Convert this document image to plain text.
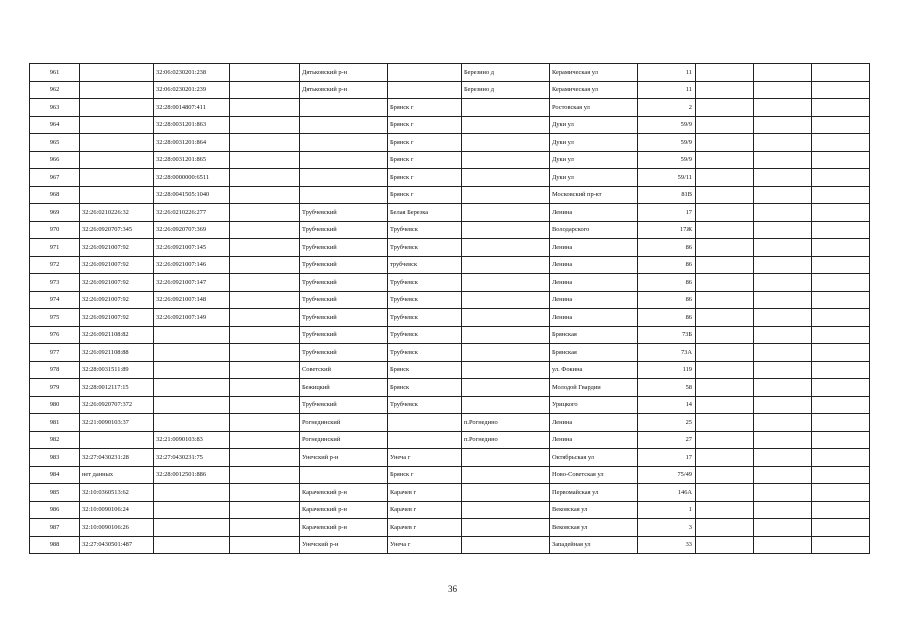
961		32:06:0230201:238		Дятьковский р-н		Березино д	Керамическая ул	11			
962		32:06:0230201:239		Дятьковский р-н		Березино д	Керамическая ул	11			
963		32:28:0014807:411			Брянск г		Ростовская ул	2			
964		32:28:0031201:863			Брянск г		Дуки ул	59/9			
965		32:28:0031201:864			Брянск г		Дуки ул	59/9			
966		32:28:0031201:865			Брянск г		Дуки ул	59/9			
967		32:28:0000000:6511			Брянск г		Дуки ул	59/11			
968		32:28:0041505:1040			Брянск г		Московский пр-кт	81В			
969	32:26:0210226:32	32:26:0210226:277		Трубчевский	Белая Березка		Ленина	17			
970	32:26:0920707:345	32:26:0920707:369		Трубчевский	Трубчевск		Володарского	17Ж			
971	32:26:0921007:92	32:26:0921007:145		Трубчевский	Трубчевск		Ленина	86			
972	32:26:0921007:92	32:26:0921007:146		Трубчевский	трубчевск		Ленина	86			
973	32:26:0921007:92	32:26:0921007:147		Трубчевский	Трубчевск		Ленина	86			
974	32:26:0921007:92	32:26:0921007:148		Трубчевский	Трубчевск		Ленина	86			
975	32:26:0921007:92	32:26:0921007:149		Трубчевский	Трубчевск		Ленина	86			
976	32:26:0921108:82			Трубчевский	Трубчевск		Брянская	73Б			
977	32:26:0921108:88			Трубчевский	Трубчевск		Брянская	73А			
978	32:28:0031511:89			Советский	Брянск		ул. Фокина	119			
979	32:28:0012117:15			Бежицкий	Брянск		Молодой Гвардии	58			
980	32:26:0920707:372			Трубчевский	Трубчевск		Урицкого	14			
981	32:21:0090103:37			Рогнединский		п.Рогнедино	Ленина	25			
982		32:21:0090103:83		Рогнединский		п.Рогнедино	Ленина	27			
983	32:27:0430231:28	32:27:0430231:75		Унечский р-н	Унеча г		Октябрьская ул	17			
984	нет данных	32:28:0012501:886			Брянск г		Ново-Советская ул	75/49			
985	32:10:0360513:62			Карачевский р-н	Карачев г		Первомайская ул	146А			
986	32:10:0090106:24			Карачевский р-н	Карачев г		Вековская ул	1			
987	32:10:0090106:26			Карачевский р-н	Карачев г		Вековская ул	3			
988	32:27:0430501:487			Унечский р-н	Унеча г		Западейная ул	33			
36
